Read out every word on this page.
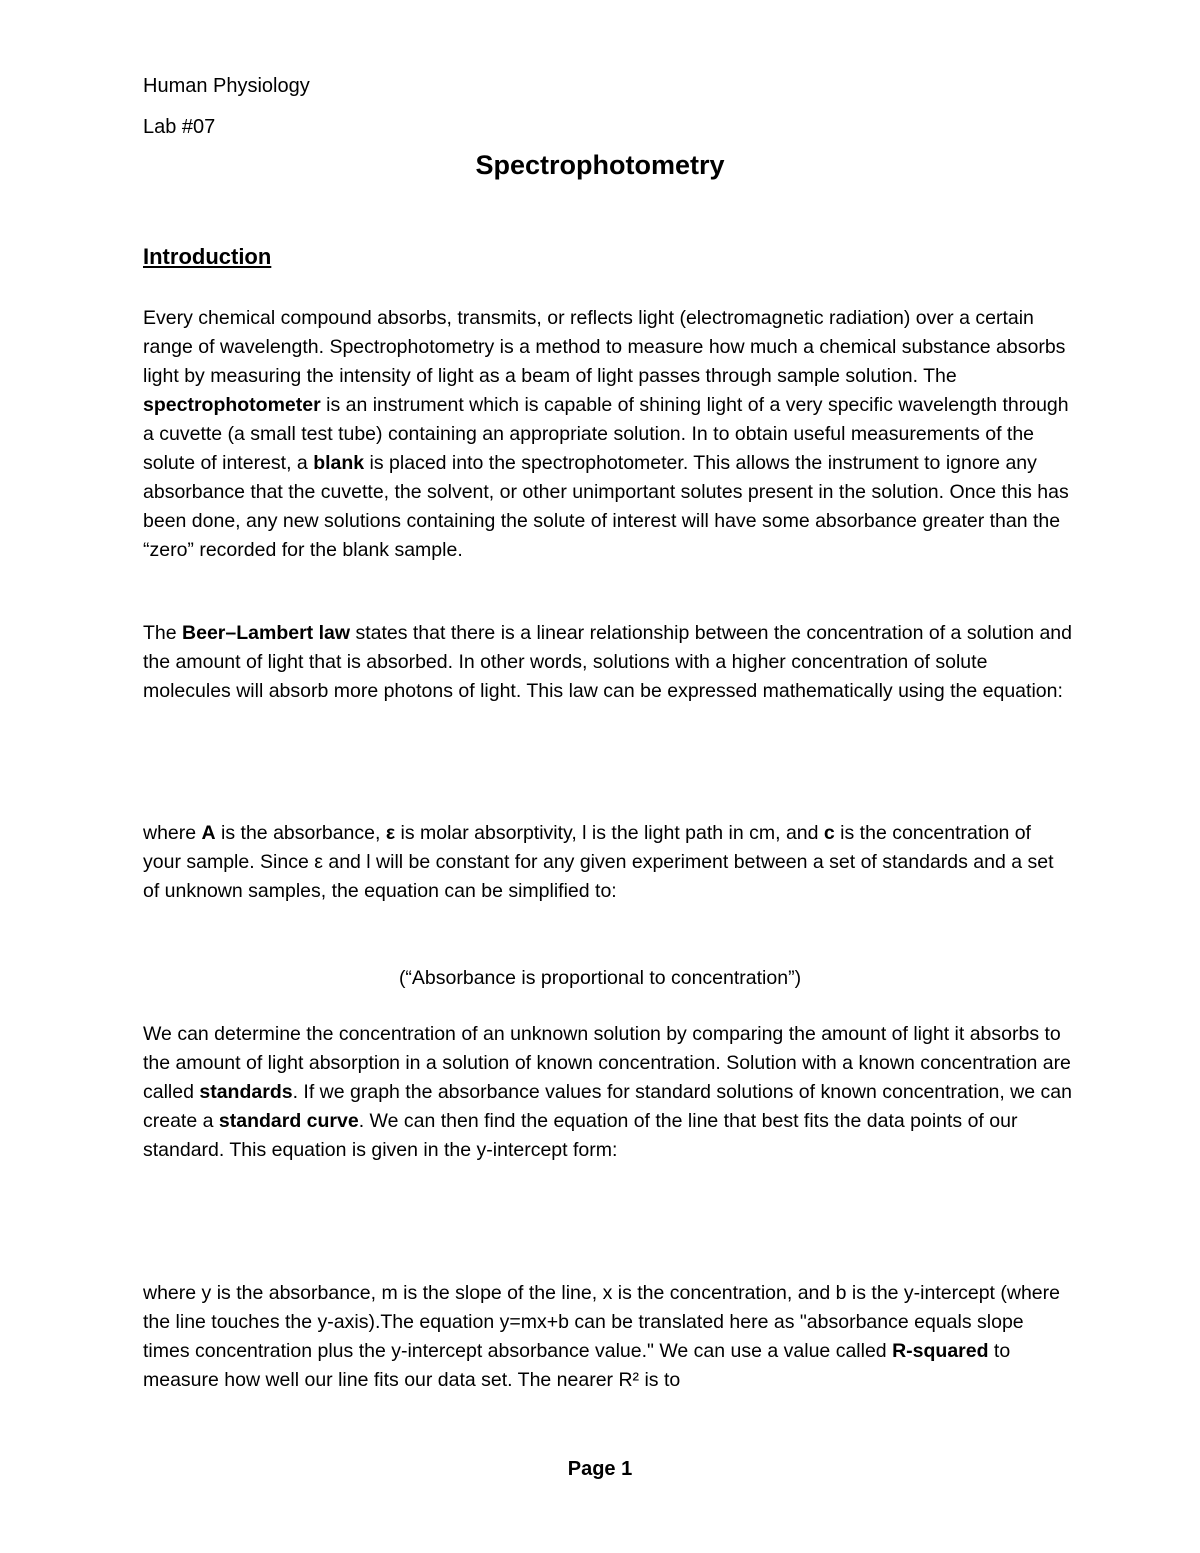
Human Physiology
Lab #07
Spectrophotometry
Introduction

Every chemical compound absorbs, transmits, or reflects light (electromagnetic radiation) over a certain range of wavelength. Spectrophotometry is a method to measure how much a chemical substance absorbs light by measuring the intensity of light as a beam of light passes through sample solution. The spectrophotometer is an instrument which is capable of shining light of a very specific wavelength through a cuvette (a small test tube) containing an appropriate solution. In to obtain useful measurements of the solute of interest, a blank is placed into the spectrophotometer. This allows the instrument to ignore any absorbance that the cuvette, the solvent, or other unimportant solutes present in the solution. Once this has been done, any new solutions containing the solute of interest will have some absorbance greater than the “zero” recorded for the blank sample.

The Beer–Lambert law states that there is a linear relationship between the concentration of a solution and the amount of light that is absorbed. In other words, solutions with a higher concentration of solute molecules will absorb more photons of light. This law can be expressed mathematically using the equation:

where A is the absorbance, ε is molar absorptivity, l is the light path in cm, and c is the concentration of your sample. Since ε and l will be constant for any given experiment between a set of standards and a set of unknown samples, the equation can be simplified to:

(“Absorbance is proportional to concentration”)

We can determine the concentration of an unknown solution by comparing the amount of light it absorbs to the amount of light absorption in a solution of known concentration. Solution with a known concentration are called standards. If we graph the absorbance values for standard solutions of known concentration, we can create a standard curve. We can then find the equation of the line that best fits the data points of our standard. This equation is given in the y-intercept form:

where y is the absorbance, m is the slope of the line, x is the concentration, and b is the y-intercept (where the line touches the y-axis).The equation y=mx+b can be translated here as "absorbance equals slope times concentration plus the y-intercept absorbance value." We can use a value called R-squared to measure how well our line fits our data set. The nearer R² is to

Page 1
